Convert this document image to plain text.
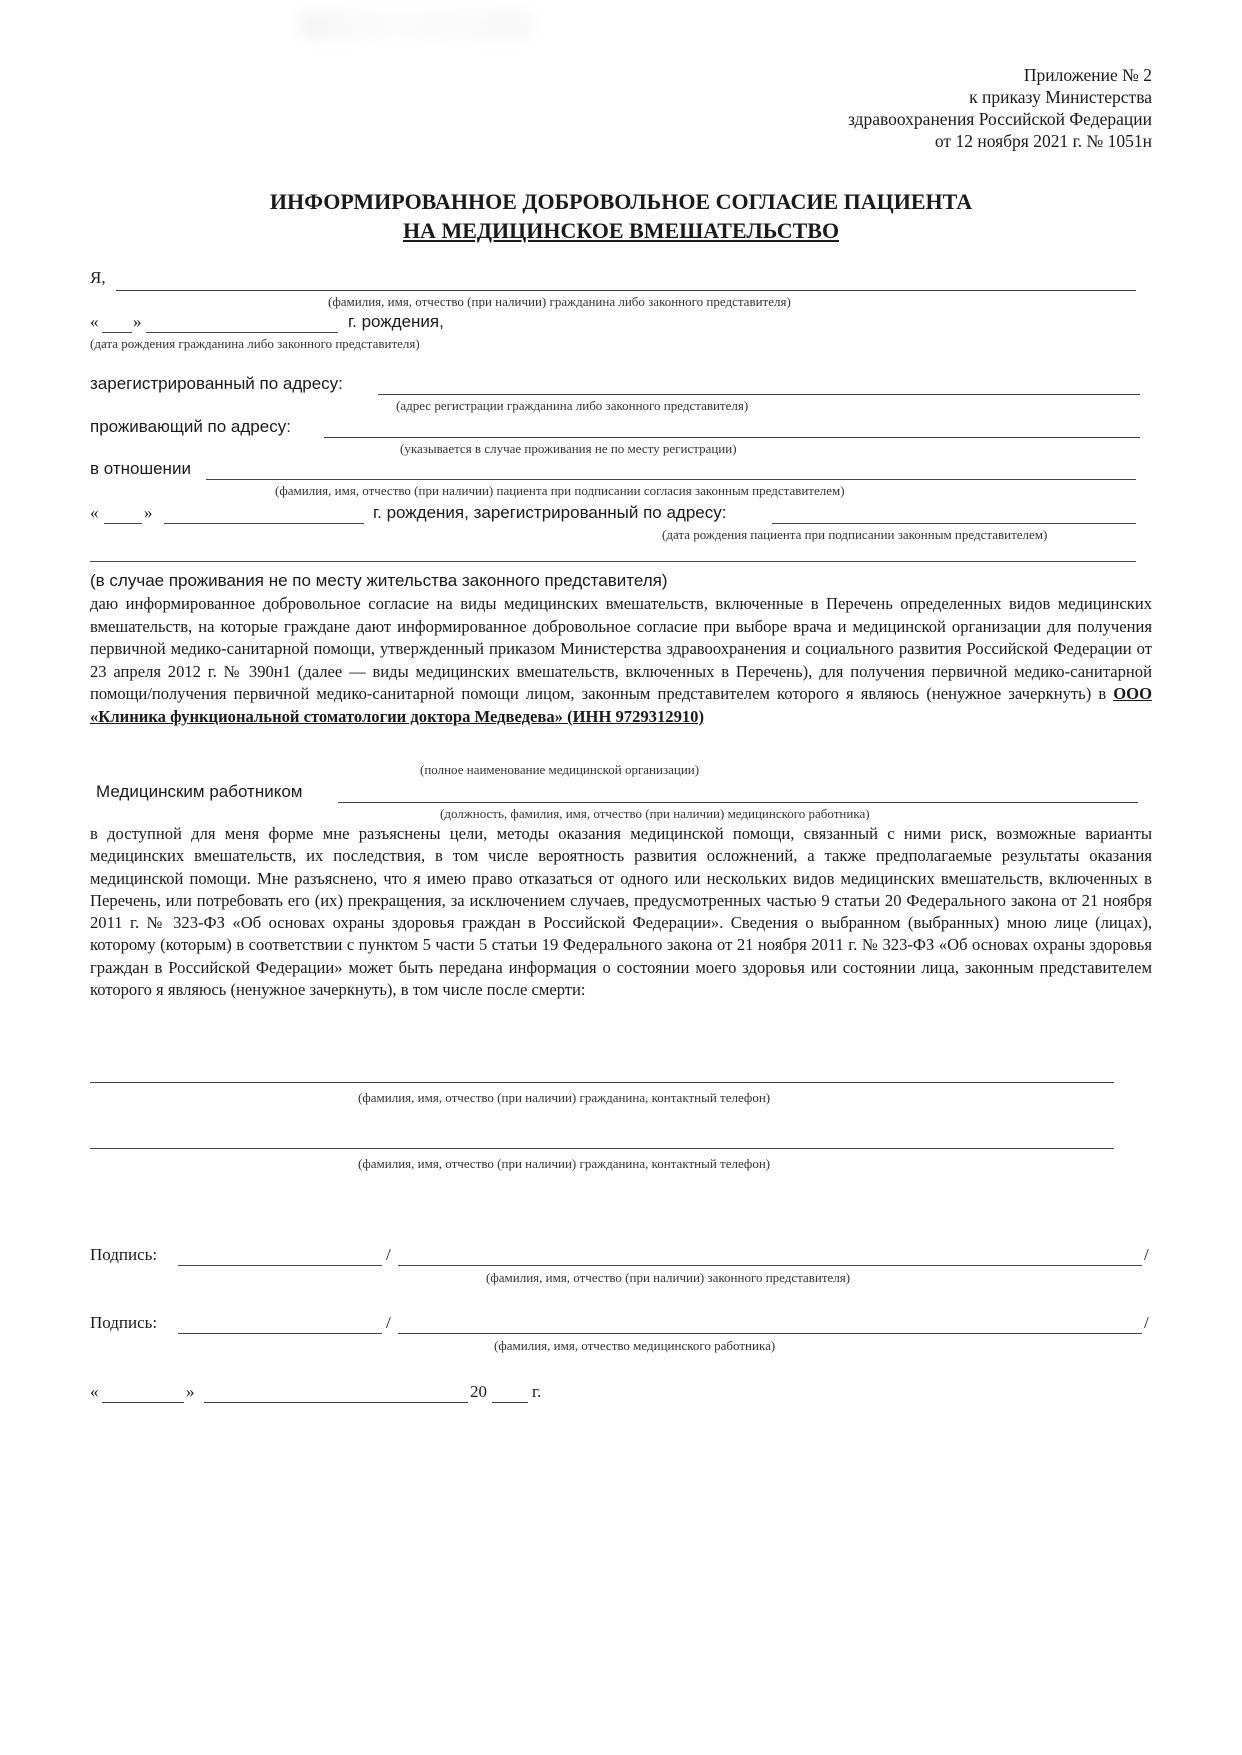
Приложение № 2
к приказу Министерства
здравоохранения Российской Федерации
от 12 ноября 2021 г. № 1051н
ИНФОРМИРОВАННОЕ ДОБРОВОЛЬНОЕ СОГЛАСИЕ ПАЦИЕНТА
НА МЕДИЦИНСКОЕ ВМЕШАТЕЛЬСТВО
Я,
(фамилия, имя, отчество (при наличии) гражданина либо законного представителя)
« »	г. рождения,
(дата рождения гражданина либо законного представителя)
зарегистрированный по адресу:
(адрес регистрации гражданина либо законного представителя)
проживающий по адресу:
(указывается в случае проживания не по месту регистрации)
в отношении
(фамилия, имя, отчество (при наличии) пациента при подписании согласия законным представителем)
«	»	г. рождения, зарегистрированный по адресу:
(дата рождения пациента при подписании законным представителем)
(в случае проживания не по месту жительства законного представителя)
даю информированное добровольное согласие на виды медицинских вмешательств, включенные в Перечень определенных видов медицинских вмешательств, на которые граждане дают информированное добровольное согласие при выборе врача и медицинской организации для получения первичной медико-санитарной помощи, утвержденный приказом Министерства здравоохранения и социального развития Российской Федерации от 23 апреля 2012 г. № 390н1 (далее — виды медицинских вмешательств, включенных в Перечень), для получения первичной медико-санитарной помощи/получения первичной медико-санитарной помощи лицом, законным представителем которого я являюсь (ненужное зачеркнуть) в ООО «Клиника функциональной стоматологии доктора Медведева» (ИНН 9729312910)
(полное наименование медицинской организации)
Медицинским работником
(должность, фамилия, имя, отчество (при наличии) медицинского работника)
в доступной для меня форме мне разъяснены цели, методы оказания медицинской помощи, связанный с ними риск, возможные варианты медицинских вмешательств, их последствия, в том числе вероятность развития осложнений, а также предполагаемые результаты оказания медицинской помощи. Мне разъяснено, что я имею право отказаться от одного или нескольких видов медицинских вмешательств, включенных в Перечень, или потребовать его (их) прекращения, за исключением случаев, предусмотренных частью 9 статьи 20 Федерального закона от 21 ноября 2011 г. № 323-ФЗ «Об основах охраны здоровья граждан в Российской Федерации». Сведения о выбранном (выбранных) мною лице (лицах), которому (которым) в соответствии с пунктом 5 части 5 статьи 19 Федерального закона от 21 ноября 2011 г. № 323-ФЗ «Об основах охраны здоровья граждан в Российской Федерации» может быть передана информация о состоянии моего здоровья или состоянии лица, законным представителем которого я являюсь (ненужное зачеркнуть), в том числе после смерти:
(фамилия, имя, отчество (при наличии) гражданина, контактный телефон)
(фамилия, имя, отчество (при наличии) гражданина, контактный телефон)
Подпись:	/	/
(фамилия, имя, отчество (при наличии) законного представителя)
Подпись:	/	/
(фамилия, имя, отчество медицинского работника)
«	»	20	г.
